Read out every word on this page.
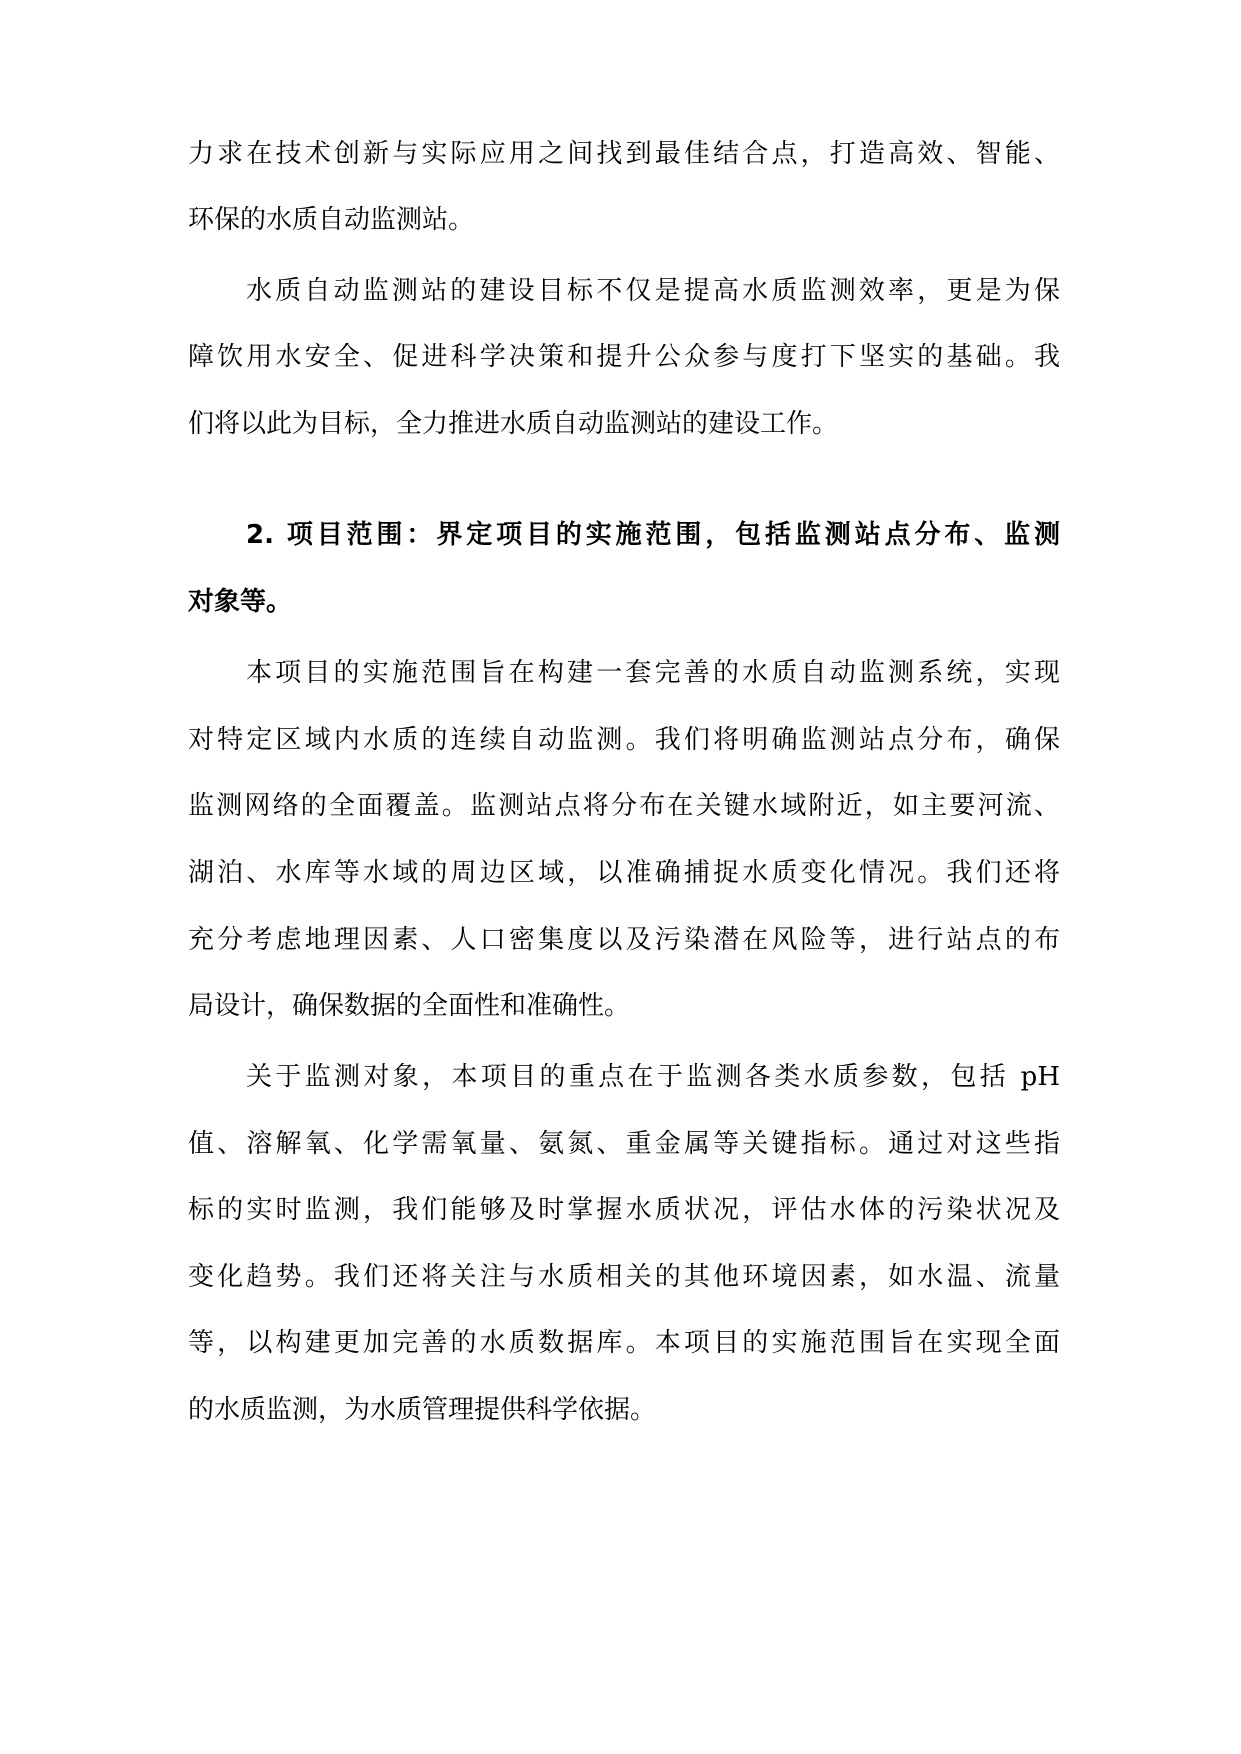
力求在技术创新与实际应用之间找到最佳结合点，打造高效、智能、
环保的水质自动监测站。
水质自动监测站的建设目标不仅是提高水质监测效率，更是为保
障饮用水安全、促进科学决策和提升公众参与度打下坚实的基础。我
们将以此为目标，全力推进水质自动监测站的建设工作。
2. 项目范围：界定项目的实施范围，包括监测站点分布、监测
对象等。
本项目的实施范围旨在构建一套完善的水质自动监测系统，实现
对特定区域内水质的连续自动监测。我们将明确监测站点分布，确保
监测网络的全面覆盖。监测站点将分布在关键水域附近，如主要河流、
湖泊、水库等水域的周边区域，以准确捕捉水质变化情况。我们还将
充分考虑地理因素、人口密集度以及污染潜在风险等，进行站点的布
局设计，确保数据的全面性和准确性。
关于监测对象，本项目的重点在于监测各类水质参数，包括 pH
值、溶解氧、化学需氧量、氨氮、重金属等关键指标。通过对这些指
标的实时监测，我们能够及时掌握水质状况，评估水体的污染状况及
变化趋势。我们还将关注与水质相关的其他环境因素，如水温、流量
等，以构建更加完善的水质数据库。本项目的实施范围旨在实现全面
的水质监测，为水质管理提供科学依据。
